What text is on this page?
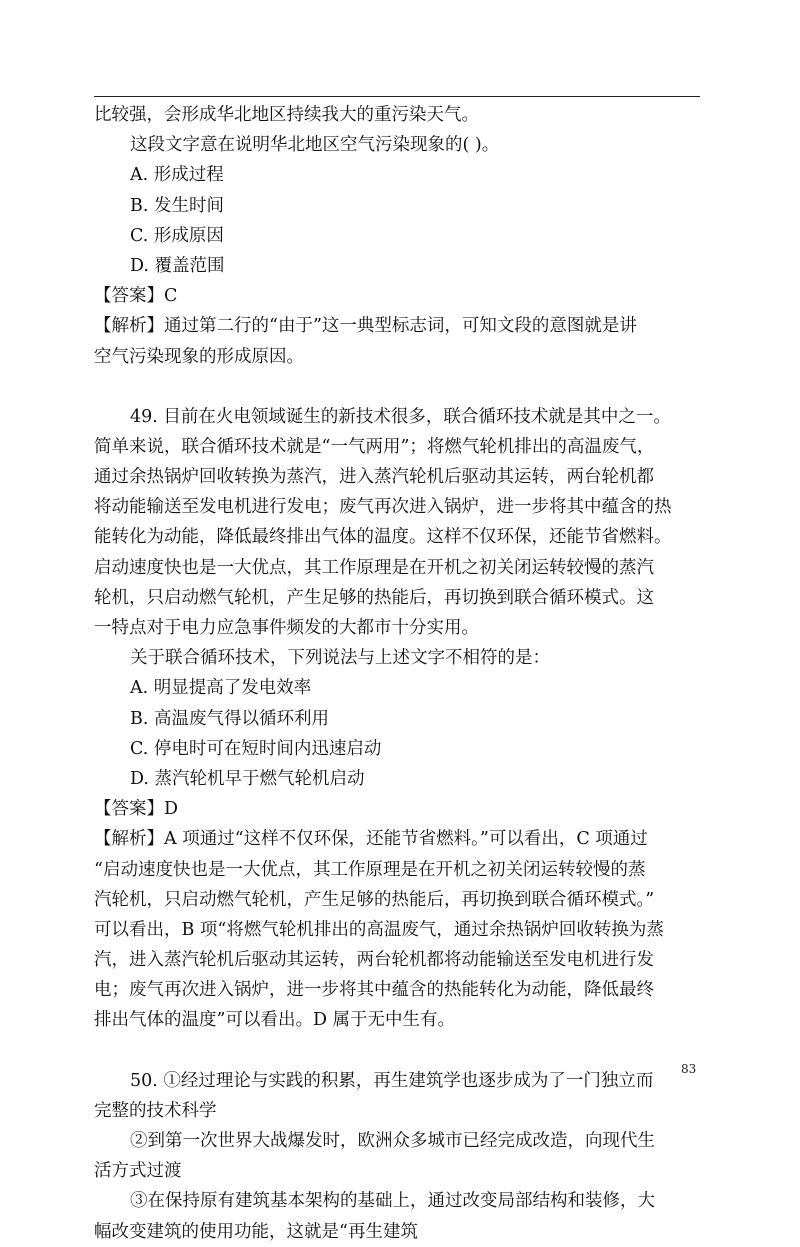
比较强，会形成华北地区持续我大的重污染天气。
这段文字意在说明华北地区空气污染现象的( )。
A. 形成过程
B. 发生时间
C. 形成原因
D. 覆盖范围
【答案】C
【解析】通过第二行的“由于”这一典型标志词，可知文段的意图就是讲
空气污染现象的形成原因。
49. 目前在火电领域诞生的新技术很多，联合循环技术就是其中之一。
简单来说，联合循环技术就是“一气两用”；将燃气轮机排出的高温废气，
通过余热锅炉回收转换为蒸汽，进入蒸汽轮机后驱动其运转，两台轮机都
将动能输送至发电机进行发电；废气再次进入锅炉，进一步将其中蕴含的热
能转化为动能，降低最终排出气体的温度。这样不仅环保，还能节省燃料。
启动速度快也是一大优点，其工作原理是在开机之初关闭运转较慢的蒸汽
轮机，只启动燃气轮机，产生足够的热能后，再切换到联合循环模式。这
一特点对于电力应急事件频发的大都市十分实用。
关于联合循环技术，下列说法与上述文字不相符的是：
A. 明显提高了发电效率
B. 高温废气得以循环利用
C. 停电时可在短时间内迅速启动
D. 蒸汽轮机早于燃气轮机启动
【答案】D
【解析】A 项通过“这样不仅环保，还能节省燃料。”可以看出，C 项通过
“启动速度快也是一大优点，其工作原理是在开机之初关闭运转较慢的蒸
汽轮机，只启动燃气轮机，产生足够的热能后，再切换到联合循环模式。”
可以看出，B 项“将燃气轮机排出的高温废气，通过余热锅炉回收转换为蒸
汽，进入蒸汽轮机后驱动其运转，两台轮机都将动能输送至发电机进行发
电；废气再次进入锅炉，进一步将其中蕴含的热能转化为动能，降低最终
排出气体的温度”可以看出。D 属于无中生有。
50. ①经过理论与实践的积累，再生建筑学也逐步成为了一门独立而
完整的技术科学
②到第一次世界大战爆发时，欧洲众多城市已经完成改造，向现代生
活方式过渡
③在保持原有建筑基本架构的基础上，通过改变局部结构和装修，大
幅改变建筑的使用功能，这就是“再生建筑
83
